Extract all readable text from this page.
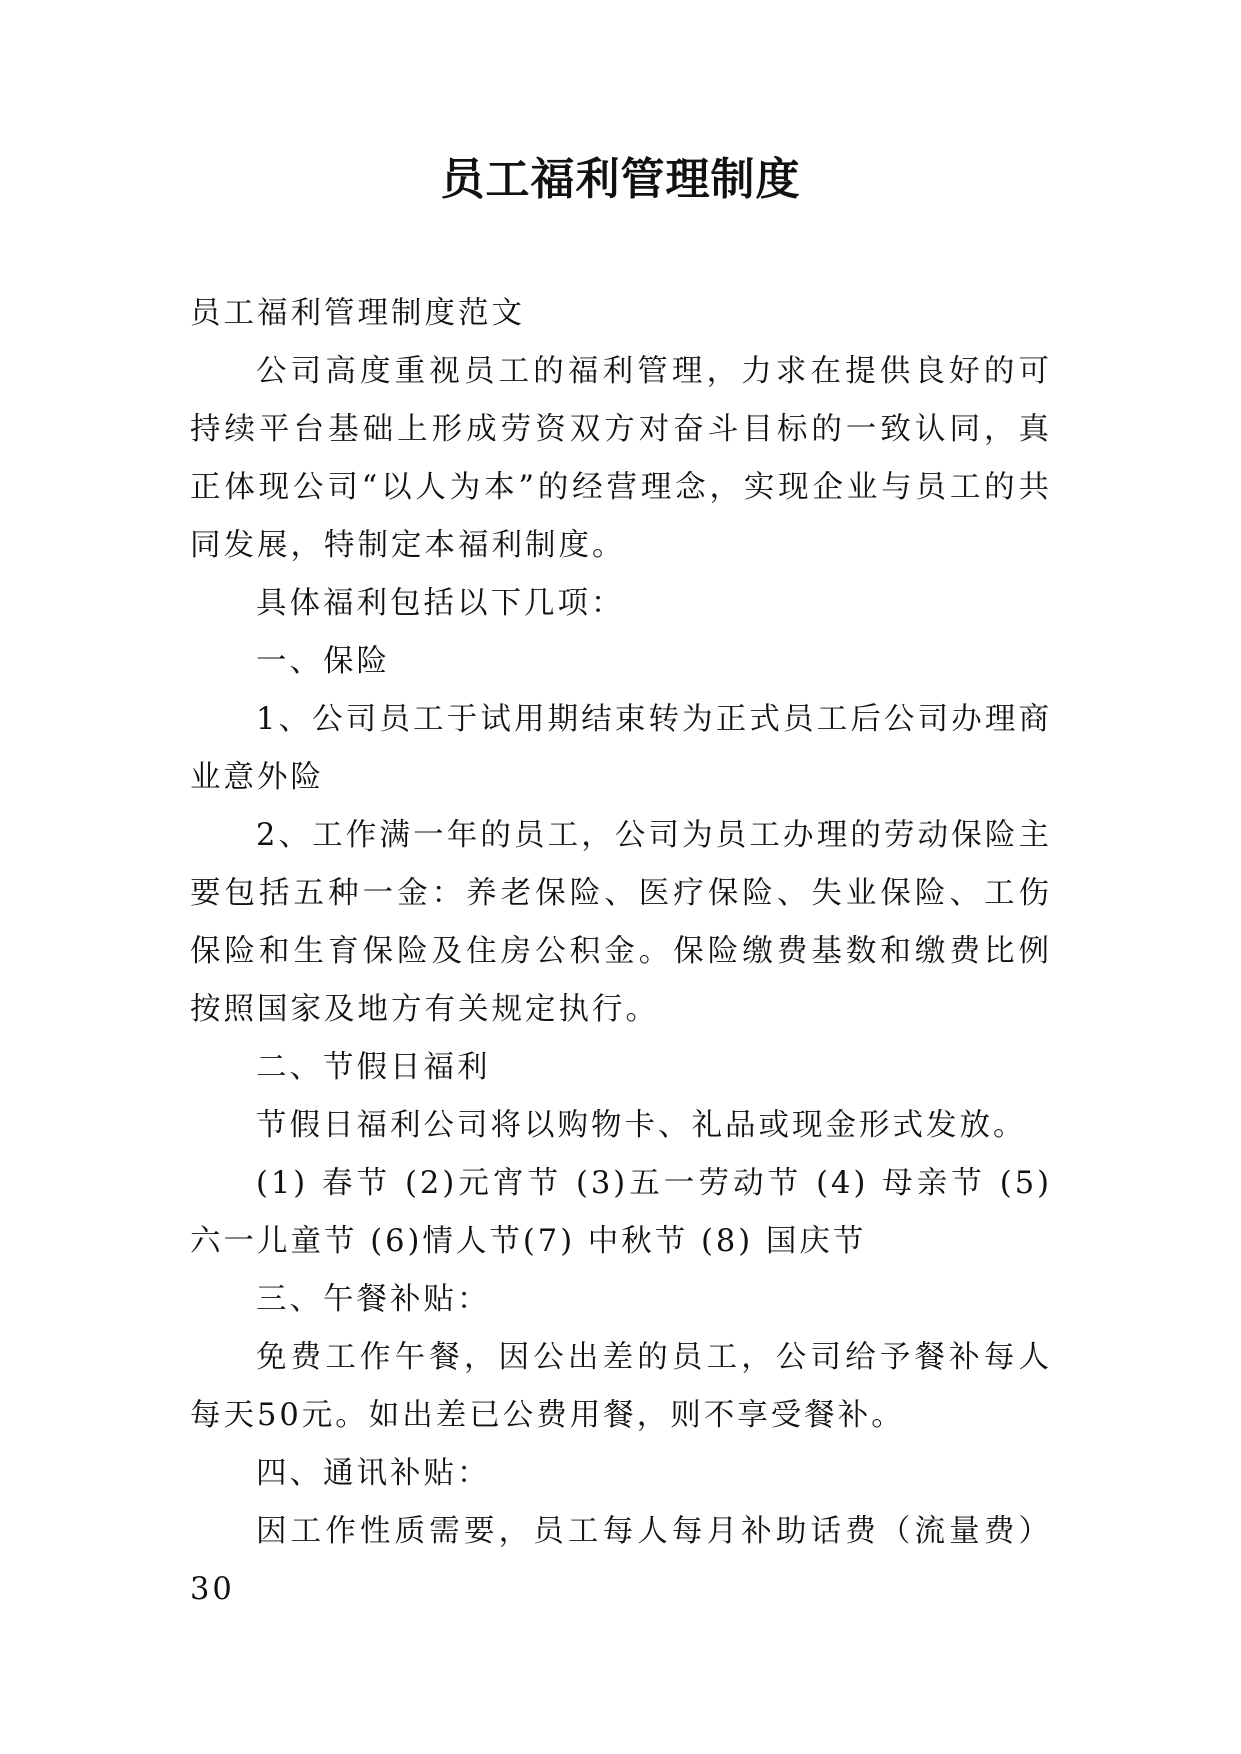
员工福利管理制度

员工福利管理制度范文

公司高度重视员工的福利管理，力求在提供良好的可持续平台基础上形成劳资双方对奋斗目标的一致认同，真正体现公司“以人为本”的经营理念，实现企业与员工的共同发展，特制定本福利制度。

具体福利包括以下几项：

一、保险

1、公司员工于试用期结束转为正式员工后公司办理商业意外险

2、工作满一年的员工，公司为员工办理的劳动保险主要包括五种一金：养老保险、医疗保险、失业保险、工伤保险和生育保险及住房公积金。保险缴费基数和缴费比例按照国家及地方有关规定执行。

二、节假日福利

节假日福利公司将以购物卡、礼品或现金形式发放。

(1) 春节 (2)元宵节 (3)五一劳动节 (4) 母亲节 (5)六一儿童节 (6)情人节(7) 中秋节 (8) 国庆节

三、午餐补贴：

免费工作午餐，因公出差的员工，公司给予餐补每人每天50元。如出差已公费用餐，则不享受餐补。

四、通讯补贴：

因工作性质需要，员工每人每月补助话费（流量费）30
